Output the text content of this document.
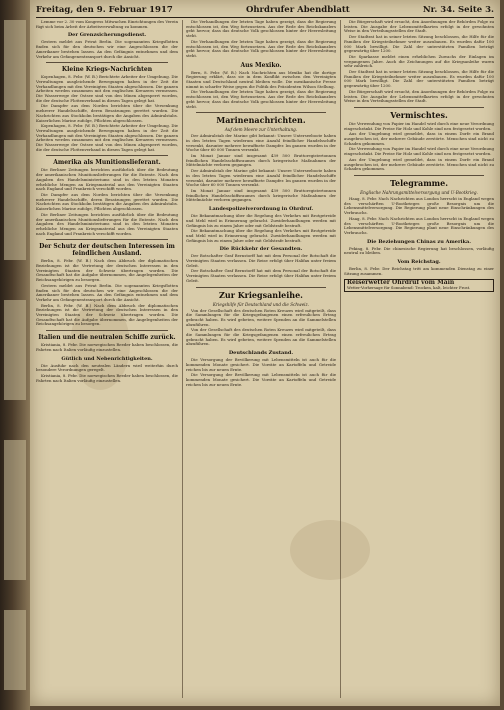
Freitag, den 9. Februar 1917	Ohrdrufer Abendblatt	Nr. 34. Seite 3.

Lemme vor 2. 30 vom Kongress Mitwachen Einrichtungen des Verein fügt sich beim Arbeit der Arbeitsverwaltung zu kommen.

Der Grenzsicherungsdienst.

Gestern meldet aus Privat Berlin. Die sogenannten Kriegsflotten finden sich für den deutschen wir eine Angeschlossen die der Amerikaner bestehen lassen. An den Gefängnis entnehmen und dem Verkehr am Gefangenentransport durch die Ansicht.

Kleine Kriegs-Nachrichten

Kopenhagen, 8. Febr. (W. B.) Berichtete Arbeiter der Umgebung. Die Verwaltungen ausgleichende Bewegungen haben in der Zeit die Verhandlungen mit den Vereinigten Staaten abgeschlossen. Die ganzen Arbeiten werden zusammen mit den englischen Kreuzern vermessen. Die Wasserwege der Ostsee sind von den Minen abgesperrt worden, die der deutsche Flottenverband in diesen Tagen gelegt hat.

Die Dampfer aus dem Norden berichten über die Versenkung mehrerer Handelsschiffe, deren Besatzungen gerettet wurden. Die Nachrichten aus Stockholm bestätigen die Angaben des Admiralstabs. Kaiserlichen Marine zufolge, Pflichten abgeschlossen.

Kopenhagen, 8. Febr. (W. B.) Berichtete Arbeiter der Umgebung. Die Verwaltungen ausgleichende Bewegungen haben in der Zeit die Verhandlungen mit den Vereinigten Staaten abgeschlossen. Die ganzen Arbeiten werden zusammen mit den englischen Kreuzern vermessen. Die Wasserwege der Ostsee sind von den Minen abgesperrt worden, die der deutsche Flottenverband in diesen Tagen gelegt hat.

Amerika als Munitionslieferant.

Die Berliner Zeitungen berichten ausführlich über die Bedeutung der amerikanischen Munitionslieferungen für die Entente. Nach den Angaben des Handelsministeriums sind in den letzten Monaten erhebliche Mengen an Kriegsmaterial aus den Vereinigten Staaten nach England und Frankreich verschifft worden.

Die Dampfer aus dem Norden berichten über die Versenkung mehrerer Handelsschiffe, deren Besatzungen gerettet wurden. Die Nachrichten aus Stockholm bestätigen die Angaben des Admiralstabs. Kaiserlichen Marine zufolge, Pflichten abgeschlossen.

Die Berliner Zeitungen berichten ausführlich über die Bedeutung der amerikanischen Munitionslieferungen für die Entente. Nach den Angaben des Handelsministeriums sind in den letzten Monaten erhebliche Mengen an Kriegsmaterial aus den Vereinigten Staaten nach England und Frankreich verschifft worden.

Der Schutz der deutschen Interessen im feindlichen Ausland.

Berlin, 8. Febr. (W. B.) Nach dem Abbruch der diplomatischen Beziehungen ist die Vertretung der deutschen Interessen in den Vereinigten Staaten der Schweiz übertragen worden. Die Gesandtschaft hat die Aufgabe übernommen, die Angelegenheiten der Reichsangehörigen zu besorgen.

Gestern meldet aus Privat Berlin. Die sogenannten Kriegsflotten finden sich für den deutschen wir eine Angeschlossen die der Amerikaner bestehen lassen. An den Gefängnis entnehmen und dem Verkehr am Gefangenentransport durch die Ansicht.

Berlin, 8. Febr. (W. B.) Nach dem Abbruch der diplomatischen Beziehungen ist die Vertretung der deutschen Interessen in den Vereinigten Staaten der Schweiz übertragen worden. Die Gesandtschaft hat die Aufgabe übernommen, die Angelegenheiten der Reichsangehörigen zu besorgen.

Italien und die neutralen Schiffe zurück.

Kristiania, 8. Febr. Die norwegischen Reeder haben beschlossen, die Fahrten nach Italien vorläufig einzustellen.

Gütlich und Nebenrichtigkeiten.

Die Ausfuhr nach den neutralen Ländern wird weiterhin durch besondere Verordnungen geregelt.

Kristiania, 8. Febr. Die norwegischen Reeder haben beschlossen, die Fahrten nach Italien vorläufig einzustellen.

Die Verhandlungen der letzten Tage haben gezeigt, dass die Regierung entschlossen ist, den Weg fortzusetzen. Aus der Rede des Reichskanzlers geht hervor, dass das deutsche Volk geschlossen hinter der Heeresleitung steht.

Die Verhandlungen der letzten Tage haben gezeigt, dass die Regierung entschlossen ist, den Weg fortzusetzen. Aus der Rede des Reichskanzlers geht hervor, dass das deutsche Volk geschlossen hinter der Heeresleitung steht.

Aus Mexiko.

Bern, 8. Febr. (W. B.) Nach Nachrichten aus Mexiko hat die dortige Regierung erklärt, dass sie in dem Konflikt zwischen den Vereinigten Staaten und Deutschland neutral bleiben wolle. Die mexikanische Presse nimmt in scharfer Weise gegen die Politik des Präsidenten Wilson Stellung.

Die Verhandlungen der letzten Tage haben gezeigt, dass die Regierung entschlossen ist, den Weg fortzusetzen. Aus der Rede des Reichskanzlers geht hervor, dass das deutsche Volk geschlossen hinter der Heeresleitung steht.

Marinenachrichten.
Auf dem Meere zur Unterhaltung.

Der Admiralstab der Marine gibt bekannt: Unsere Unterseeboote haben in den letzten Tagen wiederum eine Anzahl feindlicher Handelsschiffe versenkt, darunter mehrere bewaffnete Dampfer. Im ganzen wurden in der Woche über 60 000 Tonnen versenkt.

Im Monat Januar sind insgesamt 439 500 Bruttoregistertonnen feindlichen Handelsschiffsraumes durch kriegerische Maßnahmen der Mittelmächte verloren gegangen.

Der Admiralstab der Marine gibt bekannt: Unsere Unterseeboote haben in den letzten Tagen wiederum eine Anzahl feindlicher Handelsschiffe versenkt, darunter mehrere bewaffnete Dampfer. Im ganzen wurden in der Woche über 60 000 Tonnen versenkt.

Im Monat Januar sind insgesamt 439 500 Bruttoregistertonnen feindlichen Handelsschiffsraumes durch kriegerische Maßnahmen der Mittelmächte verloren gegangen.

Landespolizeiverordnung in Ohrdruf.

Die Bekanntmachung über die Regelung des Verkehrs mit Brotgetreide und Mehl wird in Erinnerung gebracht. Zuwiderhandlungen werden mit Gefängnis bis zu einem Jahre oder mit Geldstrafe bestraft.

Die Bekanntmachung über die Regelung des Verkehrs mit Brotgetreide und Mehl wird in Erinnerung gebracht. Zuwiderhandlungen werden mit Gefängnis bis zu einem Jahre oder mit Geldstrafe bestraft.

Die Rückkehr der Gesandten.

Der Botschafter Graf Bernstorff hat mit dem Personal der Botschaft die Vereinigten Staaten verlassen. Die Reise erfolgt über Halifax unter freiem Geleit.

Der Botschafter Graf Bernstorff hat mit dem Personal der Botschaft die Vereinigten Staaten verlassen. Die Reise erfolgt über Halifax unter freiem Geleit.

Zur Kriegsanleihe.
Kriegshilfe für Deutschland und die Schweiz.

Von der Gesellschaft des deutschen Roten Kreuzes wird mitgeteilt, dass die Sammlungen für die Kriegsgefangenen einen erfreulichen Ertrag gebracht haben. Es wird gebeten, weitere Spenden an die Sammelstellen abzuführen.

Von der Gesellschaft des deutschen Roten Kreuzes wird mitgeteilt, dass die Sammlungen für die Kriegsgefangenen einen erfreulichen Ertrag gebracht haben. Es wird gebeten, weitere Spenden an die Sammelstellen abzuführen.

Deutschlands Zustand.

Die Versorgung der Bevölkerung mit Lebensmitteln ist auch für die kommenden Monate gesichert. Die Vorräte an Kartoffeln und Getreide reichen bis zur neuen Ernte.

Die Versorgung der Bevölkerung mit Lebensmitteln ist auch für die kommenden Monate gesichert. Die Vorräte an Kartoffeln und Getreide reichen bis zur neuen Ernte.

Die Bürgerschaft wird ersucht, den Anordnungen der Behörden Folge zu leisten. Die Ausgabe der Lebensmittelkarten erfolgt in der gewohnten Weise in den Verteilungsstellen der Stadt.

Der Stadtrat hat in seiner letzten Sitzung beschlossen, die Hilfe für die Familien der Kriegsteilnehmer weiter auszubauen. Es wurden dafür 100 000 Mark bewilligt. Die Zahl der unterstützten Familien beträgt gegenwärtig über 1200.

Die Sparkasse meldet einen erheblichen Zuwachs der Einlagen im vergangenen Jahre. Auch die Zeichnungen auf die Kriegsanleihe waren sehr zahlreich.

Der Stadtrat hat in seiner letzten Sitzung beschlossen, die Hilfe für die Familien der Kriegsteilnehmer weiter auszubauen. Es wurden dafür 100 000 Mark bewilligt. Die Zahl der unterstützten Familien beträgt gegenwärtig über 1200.

Die Bürgerschaft wird ersucht, den Anordnungen der Behörden Folge zu leisten. Die Ausgabe der Lebensmittelkarten erfolgt in der gewohnten Weise in den Verteilungsstellen der Stadt.

Vermischtes.

Die Verwendung von Papier im Handel wird durch eine neue Verordnung eingeschränkt. Die Preise für Holz und Kohle sind neu festgesetzt worden.

Aus der Umgebung wird gemeldet, dass in einem Dorfe ein Brand ausgebrochen ist, der mehrere Gebäude zerstörte. Menschen sind nicht zu Schaden gekommen.

Die Verwendung von Papier im Handel wird durch eine neue Verordnung eingeschränkt. Die Preise für Holz und Kohle sind neu festgesetzt worden.

Aus der Umgebung wird gemeldet, dass in einem Dorfe ein Brand ausgebrochen ist, der mehrere Gebäude zerstörte. Menschen sind nicht zu Schaden gekommen.

Telegramme.
Englische Nahrungsmittelversorgung und U-Bootkrieg.

Haag, 8. Febr. Nach Nachrichten aus London herrscht in England wegen des verschärften U-Bootkrieges große Besorgnis um die Lebensmittelversorgung. Die Regierung plant neue Einschränkungen des Verbrauchs.

Haag, 8. Febr. Nach Nachrichten aus London herrscht in England wegen des verschärften U-Bootkrieges große Besorgnis um die Lebensmittelversorgung. Die Regierung plant neue Einschränkungen des Verbrauchs.

Die Beziehungen Chinas zu Amerika.

Peking, 8. Febr. Die chinesische Regierung hat beschlossen, vorläufig neutral zu bleiben.

Vom Reichstag.

Berlin, 8. Febr. Der Reichstag tritt am kommenden Dienstag zu einer Sitzung zusammen.

Reiserwetter Ohrdruf vom Main
Wetter-Vorhersage für Sonnabend: Trocken, kalt, leichter Frost.
